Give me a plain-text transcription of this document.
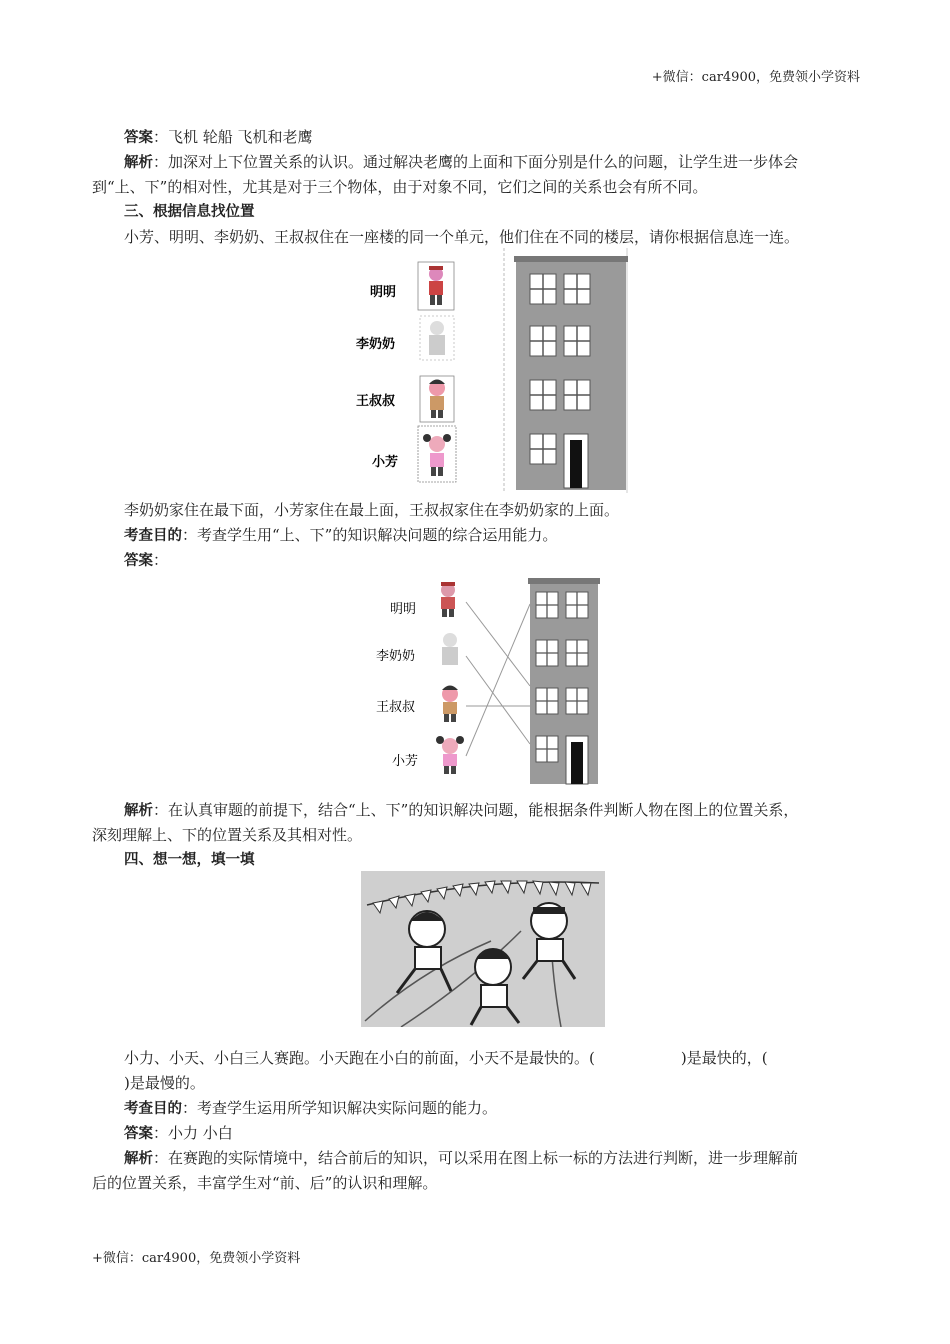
+微信：car4900，免费领小学资料
答案：飞机 轮船 飞机和老鹰
解析：加深对上下位置关系的认识。通过解决老鹰的上面和下面分别是什么的问题，让学生进一步体会
到“上、下”的相对性，尤其是对于三个物体，由于对象不同，它们之间的关系也会有所不同。
三、根据信息找位置
小芳、明明、李奶奶、王叔叔住在一座楼的同一个单元，他们住在不同的楼层，请你根据信息连一连。
明明
李奶奶
王叔叔
小芳
李奶奶家住在最下面，小芳家住在最上面，王叔叔家住在李奶奶家的上面。
考查目的：考查学生用“上、下”的知识解决问题的综合运用能力。
答案：
明明
李奶奶
王叔叔
小芳
解析：在认真审题的前提下，结合“上、下”的知识解决问题，能根据条件判断人物在图上的位置关系，
深刻理解上、下的位置关系及其相对性。
四、想一想，填一填
小力、小天、小白三人赛跑。小天跑在小白的前面，小天不是最快的。(	)是最快的，(
)是最慢的。
考查目的：考查学生运用所学知识解决实际问题的能力。
答案：小力 小白
解析：在赛跑的实际情境中，结合前后的知识，可以采用在图上标一标的方法进行判断，进一步理解前
后的位置关系，丰富学生对“前、后”的认识和理解。
+微信：car4900，免费领小学资料
